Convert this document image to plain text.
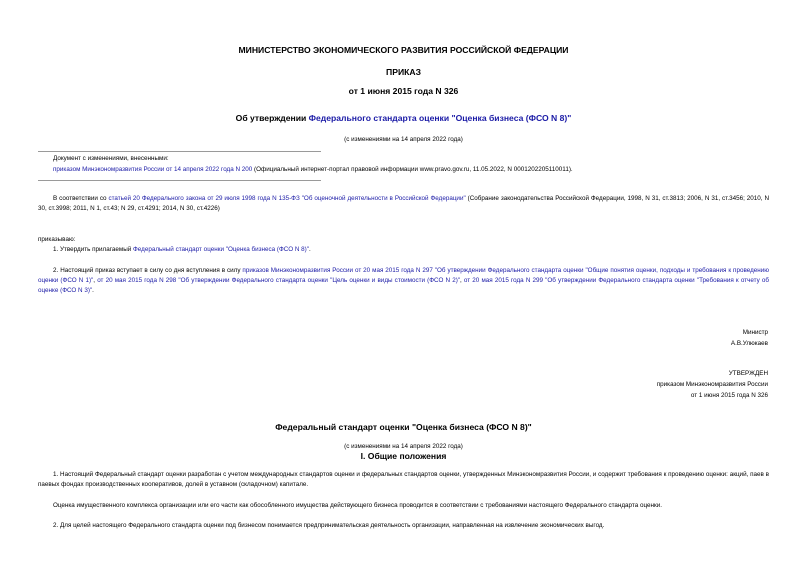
МИНИСТЕРСТВО ЭКОНОМИЧЕСКОГО РАЗВИТИЯ РОССИЙСКОЙ ФЕДЕРАЦИИ
ПРИКАЗ
от 1 июня 2015 года N 326
Об утверждении Федерального стандарта оценки "Оценка бизнеса (ФСО N 8)"
(с изменениями на 14 апреля 2022 года)
Документ с изменениями, внесенными:
приказом Минэкономразвития России от 14 апреля 2022 года N 200 (Официальный интернет-портал правовой информации www.pravo.gov.ru, 11.05.2022, N 0001202205110011).
В соответствии со статьей 20 Федерального закона от 29 июля 1998 года N 135-ФЗ "Об оценочной деятельности в Российской Федерации" (Собрание законодательства Российской Федерации, 1998, N 31, ст.3813; 2006, N 31, ст.3456; 2010, N 30, ст.3998; 2011, N 1, ст.43; N 29, ст.4291; 2014, N 30, ст.4226)
приказываю:
1. Утвердить прилагаемый Федеральный стандарт оценки "Оценка бизнеса (ФСО N 8)".
2. Настоящий приказ вступает в силу со дня вступления в силу приказов Минэкономразвития России от 20 мая 2015 года N 297 "Об утверждении Федерального стандарта оценки "Общие понятия оценки, подходы и требования к проведению оценки (ФСО N 1)", от 20 мая 2015 года N 298 "Об утверждении Федерального стандарта оценки "Цель оценки и виды стоимости (ФСО N 2)", от 20 мая 2015 года N 299 "Об утверждении Федерального стандарта оценки "Требования к отчету об оценке (ФСО N 3)".
Министр
А.В.Улюкаев
УТВЕРЖДЕН
приказом Минэкономразвития России
от 1 июня 2015 года N 326
Федеральный стандарт оценки "Оценка бизнеса (ФСО N 8)"
(с изменениями на 14 апреля 2022 года)
I. Общие положения
1. Настоящий Федеральный стандарт оценки разработан с учетом международных стандартов оценки и федеральных стандартов оценки, утвержденных Минэкономразвития России, и содержит требования к проведению оценки: акций, паев в паевых фондах производственных кооперативов, долей в уставном (складочном) капитале.
Оценка имущественного комплекса организации или его части как обособленного имущества действующего бизнеса проводится в соответствии с требованиями настоящего Федерального стандарта оценки.
2. Для целей настоящего Федерального стандарта оценки под бизнесом понимается предпринимательская деятельность организации, направленная на извлечение экономических выгод.
